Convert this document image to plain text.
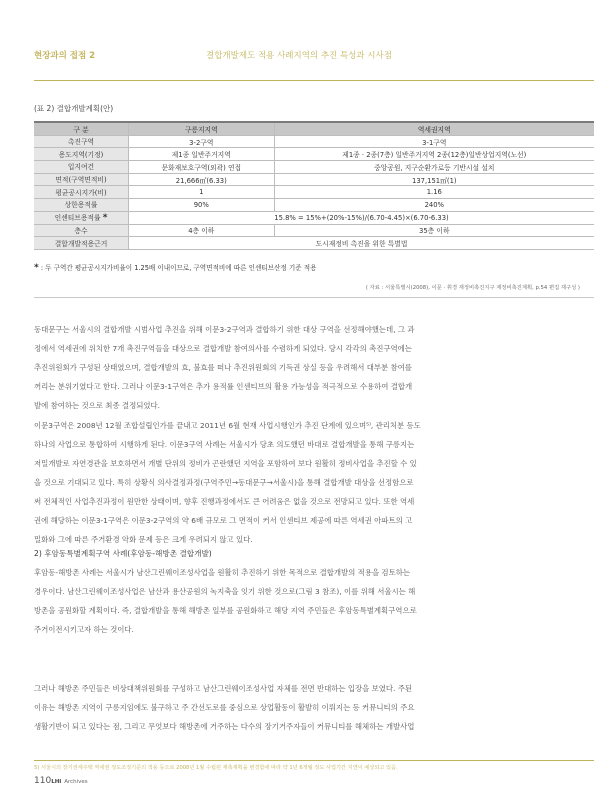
현장과의 접점 2	결합개발제도 적용 사례지역의 추진 특성과 시사점
(표 2) 결합개발계획(안)
구 분	구릉지지역	역세권지역
촉진구역	3-2구역	3-1구역
용도지역(기정)	제1종 일반주거지역	제1종 · 2종(7층) 일반주거지역 2종(12층)일반상업지역(노선)
입지여건	문화재보호구역(외곽) 연접	중앙공원, 지구순환가로등 기반시설 설치
면적(구역면적비)	21,666㎡(6.33)	137,151㎡(1)
평균공시지가(비)	1	1.16
상한용적률	90%	240%
인센티브용적률 *	15.8% = 15%+(20%-15%)/(6.70-4.45)×(6.70-6.33)	
층수	4층 이하	35층 이하
결합개발적용근거	도시재정비 촉진을 위한 특별법	
* : 두 구역간 평균공시지가비율이 1.25배 이내이므로, 구역면적비에 따른 인센티브산정 기준 적용
( 자료 : 서울특별시(2008), 이문 · 휘경 재정비촉진지구 재정비촉진계획, p.54 편집 재구성 )
동대문구는 서울시의 결합개발 시범사업 추진을 위해 이문3-2구역과 결합하기 위한 대상 구역을 선정해야했는데, 그 과
정에서 역세권에 위치한 7개 촉진구역들을 대상으로 결합개발 참여의사를 수렴하게 되었다. 당시 각각의 촉진구역에는
추진위원회가 구성된 상태였으며, 결합개발의 효, 불효를 떠나 추진위원회의 기득권 상실 등을 우려해서 대부분 참여를
꺼리는 분위기였다고 한다. 그러나 이문3-1구역은 추가 용적률 인센티브의 활용 가능성을 적극적으로 수용하여 결합개
발에 참여하는 것으로 최종 결정되었다.
이문3구역은 2008년 12월 조합설립인가를 끝내고 2011년 6월 현재 사업시행인가 추진 단계에 있으며⁵⁾, 관리처분 등도
하나의 사업으로 통합하여 시행하게 된다. 이문3구역 사례는 서울시가 당초 의도했던 바대로 결합개발을 통해 구릉지는
저밀개발로 자연경관을 보호하면서 개별 단위의 정비가 곤란했던 지역을 포함하여 보다 원활히 정비사업을 추진할 수 있
을 것으로 기대되고 있다. 특히 상황식 의사결정과정(구역주민→동대문구→서울시)을 통해 결합개발 대상을 선정함으로
써 전체적인 사업추진과정이 원만한 상태이며, 향후 진행과정에서도 큰 어려움은 없을 것으로 전망되고 있다. 또한 역세
권에 해당하는 이문3-1구역은 이문3-2구역의 약 6배 규모로 그 면적이 커서 인센티브 제공에 따른 역세권 아파트의 고
밀화와 그에 따른 주거환경 악화 문제 등은 크게 우려되지 않고 있다.
2) 후암동특별계획구역 사례(후암동-해방촌 결합개발)
후암동-해방촌 사례는 서울시가 남산그린웨이조성사업을 원활히 추진하기 위한 목적으로 결합개발의 적용을 검토하는
경우이다. 남산그린웨이조성사업은 남산과 용산공원의 녹지축을 잇기 위한 것으로(그림 3 참조), 이를 위해 서울시는 해
방촌을 공원화할 계획이다. 즉, 결합개발을 통해 해방촌 일부를 공원화하고 해당 지역 주민들은 후암동특별계획구역으로
주거이전시키고자 하는 것이다.
그러나 해방촌 주민들은 비상대책위원회를 구성하고 남산그린웨이조성사업 자체를 전면 반대하는 입장을 보였다. 주된
이유는 해방촌 지역이 구릉지임에도 불구하고 주 간선도로를 중심으로 상업활동이 활발히 이뤄지는 등 커뮤니티의 주요
생활기반이 되고 있다는 점, 그리고 무엇보다 해방촌에 거주하는 다수의 장기거주자들이 커뮤니티를 해체하는 개발사업
5) 서울시의 장기전세주택 역세권 정도조정기준의 적용 등으로 2008년 1월 수립된 재촉계획을 변경함에 따라 약 1년 6개월 정도 사업기간 지연이 예상되고 있음.
110LHI Archives
